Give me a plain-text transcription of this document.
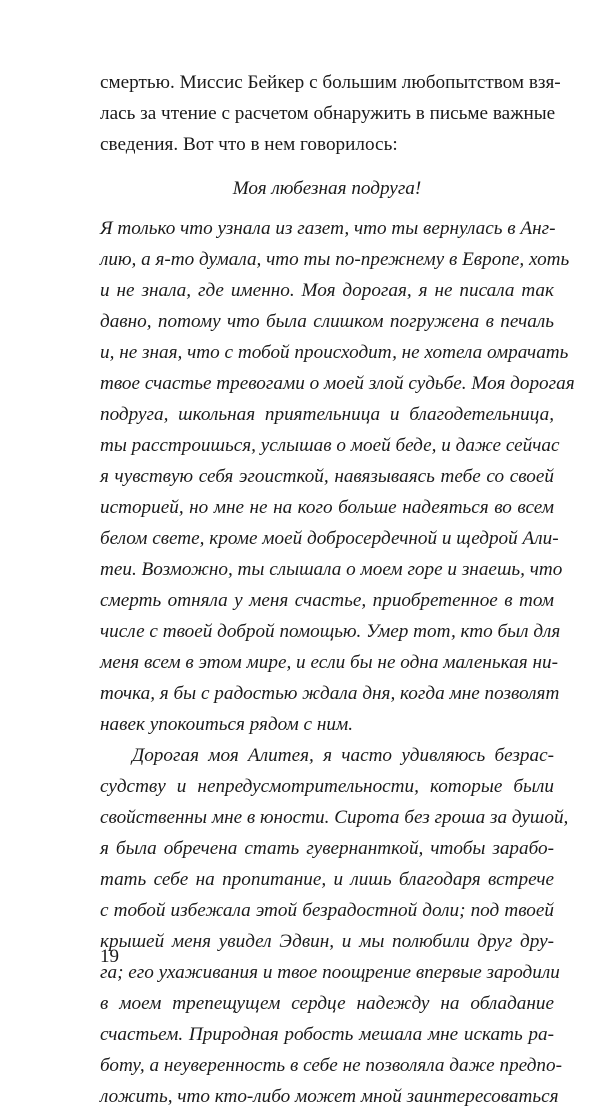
смертью. Миссис Бейкер с большим любопытством взя-
лась за чтение с расчетом обнаружить в письме важные
сведения. Вот что в нем говорилось:
Моя любезная подруга!
Я только что узнала из газет, что ты вернулась в Анг-
лию, а я-то думала, что ты по-прежнему в Европе, хоть
и не знала, где именно. Моя дорогая, я не писала так
давно, потому что была слишком погружена в печаль
и, не зная, что с тобой происходит, не хотела омрачать
твое счастье тревогами о моей злой судьбе. Моя дорогая
подруга, школьная приятельница и благодетельница,
ты расстроишься, услышав о моей беде, и даже сейчас
я чувствую себя эгоисткой, навязываясь тебе со своей
историей, но мне не на кого больше надеяться во всем
белом свете, кроме моей добросердечной и щедрой Али-
теи. Возможно, ты слышала о моем горе и знаешь, что
смерть отняла у меня счастье, приобретенное в том
числе с твоей доброй помощью. Умер тот, кто был для
меня всем в этом мире, и если бы не одна маленькая ни-
точка, я бы с радостью ждала дня, когда мне позволят
навек упокоиться рядом с ним.
Дорогая моя Алитея, я часто удивляюсь безрас-
судству и непредусмотрительности, которые были
свойственны мне в юности. Сирота без гроша за душой,
я была обречена стать гувернанткой, чтобы зарабо-
тать себе на пропитание, и лишь благодаря встрече
с тобой избежала этой безрадостной доли; под твоей
крышей меня увидел Эдвин, и мы полюбили друг дру-
га; его ухаживания и твое поощрение впервые зародили
в моем трепещущем сердце надежду на обладание
счастьем. Природная робость мешала мне искать ра-
боту, а неуверенность в себе не позволяла даже предпо-
ложить, что кто-либо может мной заинтересоваться
19
